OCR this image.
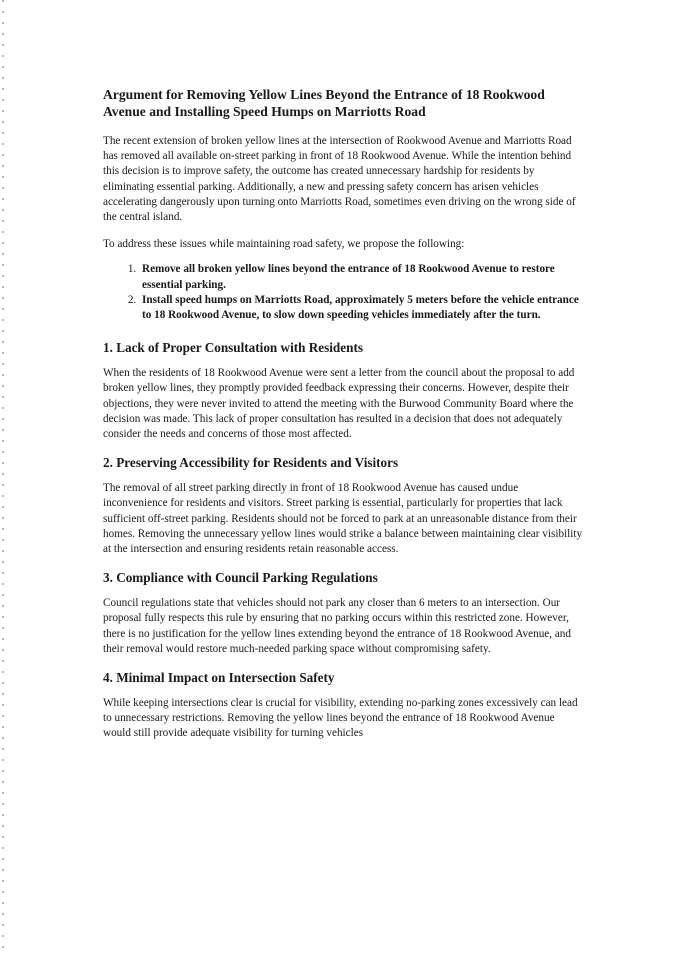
Argument for Removing Yellow Lines Beyond the Entrance of 18 Rookwood Avenue and Installing Speed Humps on Marriotts Road

The recent extension of broken yellow lines at the intersection of Rookwood Avenue and Marriotts Road has removed all available on-street parking in front of 18 Rookwood Avenue. While the intention behind this decision is to improve safety, the outcome has created unnecessary hardship for residents by eliminating essential parking. Additionally, a new and pressing safety concern has arisen vehicles accelerating dangerously upon turning onto Marriotts Road, sometimes even driving on the wrong side of the central island.

To address these issues while maintaining road safety, we propose the following:

1. Remove all broken yellow lines beyond the entrance of 18 Rookwood Avenue to restore essential parking.
2. Install speed humps on Marriotts Road, approximately 5 meters before the vehicle entrance to 18 Rookwood Avenue, to slow down speeding vehicles immediately after the turn.
1. Lack of Proper Consultation with Residents

When the residents of 18 Rookwood Avenue were sent a letter from the council about the proposal to add broken yellow lines, they promptly provided feedback expressing their concerns. However, despite their objections, they were never invited to attend the meeting with the Burwood Community Board where the decision was made. This lack of proper consultation has resulted in a decision that does not adequately consider the needs and concerns of those most affected.

2. Preserving Accessibility for Residents and Visitors

The removal of all street parking directly in front of 18 Rookwood Avenue has caused undue inconvenience for residents and visitors. Street parking is essential, particularly for properties that lack sufficient off-street parking. Residents should not be forced to park at an unreasonable distance from their homes. Removing the unnecessary yellow lines would strike a balance between maintaining clear visibility at the intersection and ensuring residents retain reasonable access.

3. Compliance with Council Parking Regulations

Council regulations state that vehicles should not park any closer than 6 meters to an intersection. Our proposal fully respects this rule by ensuring that no parking occurs within this restricted zone. However, there is no justification for the yellow lines extending beyond the entrance of 18 Rookwood Avenue, and their removal would restore much-needed parking space without compromising safety.

4. Minimal Impact on Intersection Safety

While keeping intersections clear is crucial for visibility, extending no-parking zones excessively can lead to unnecessary restrictions. Removing the yellow lines beyond the entrance of 18 Rookwood Avenue would still provide adequate visibility for turning vehicles
